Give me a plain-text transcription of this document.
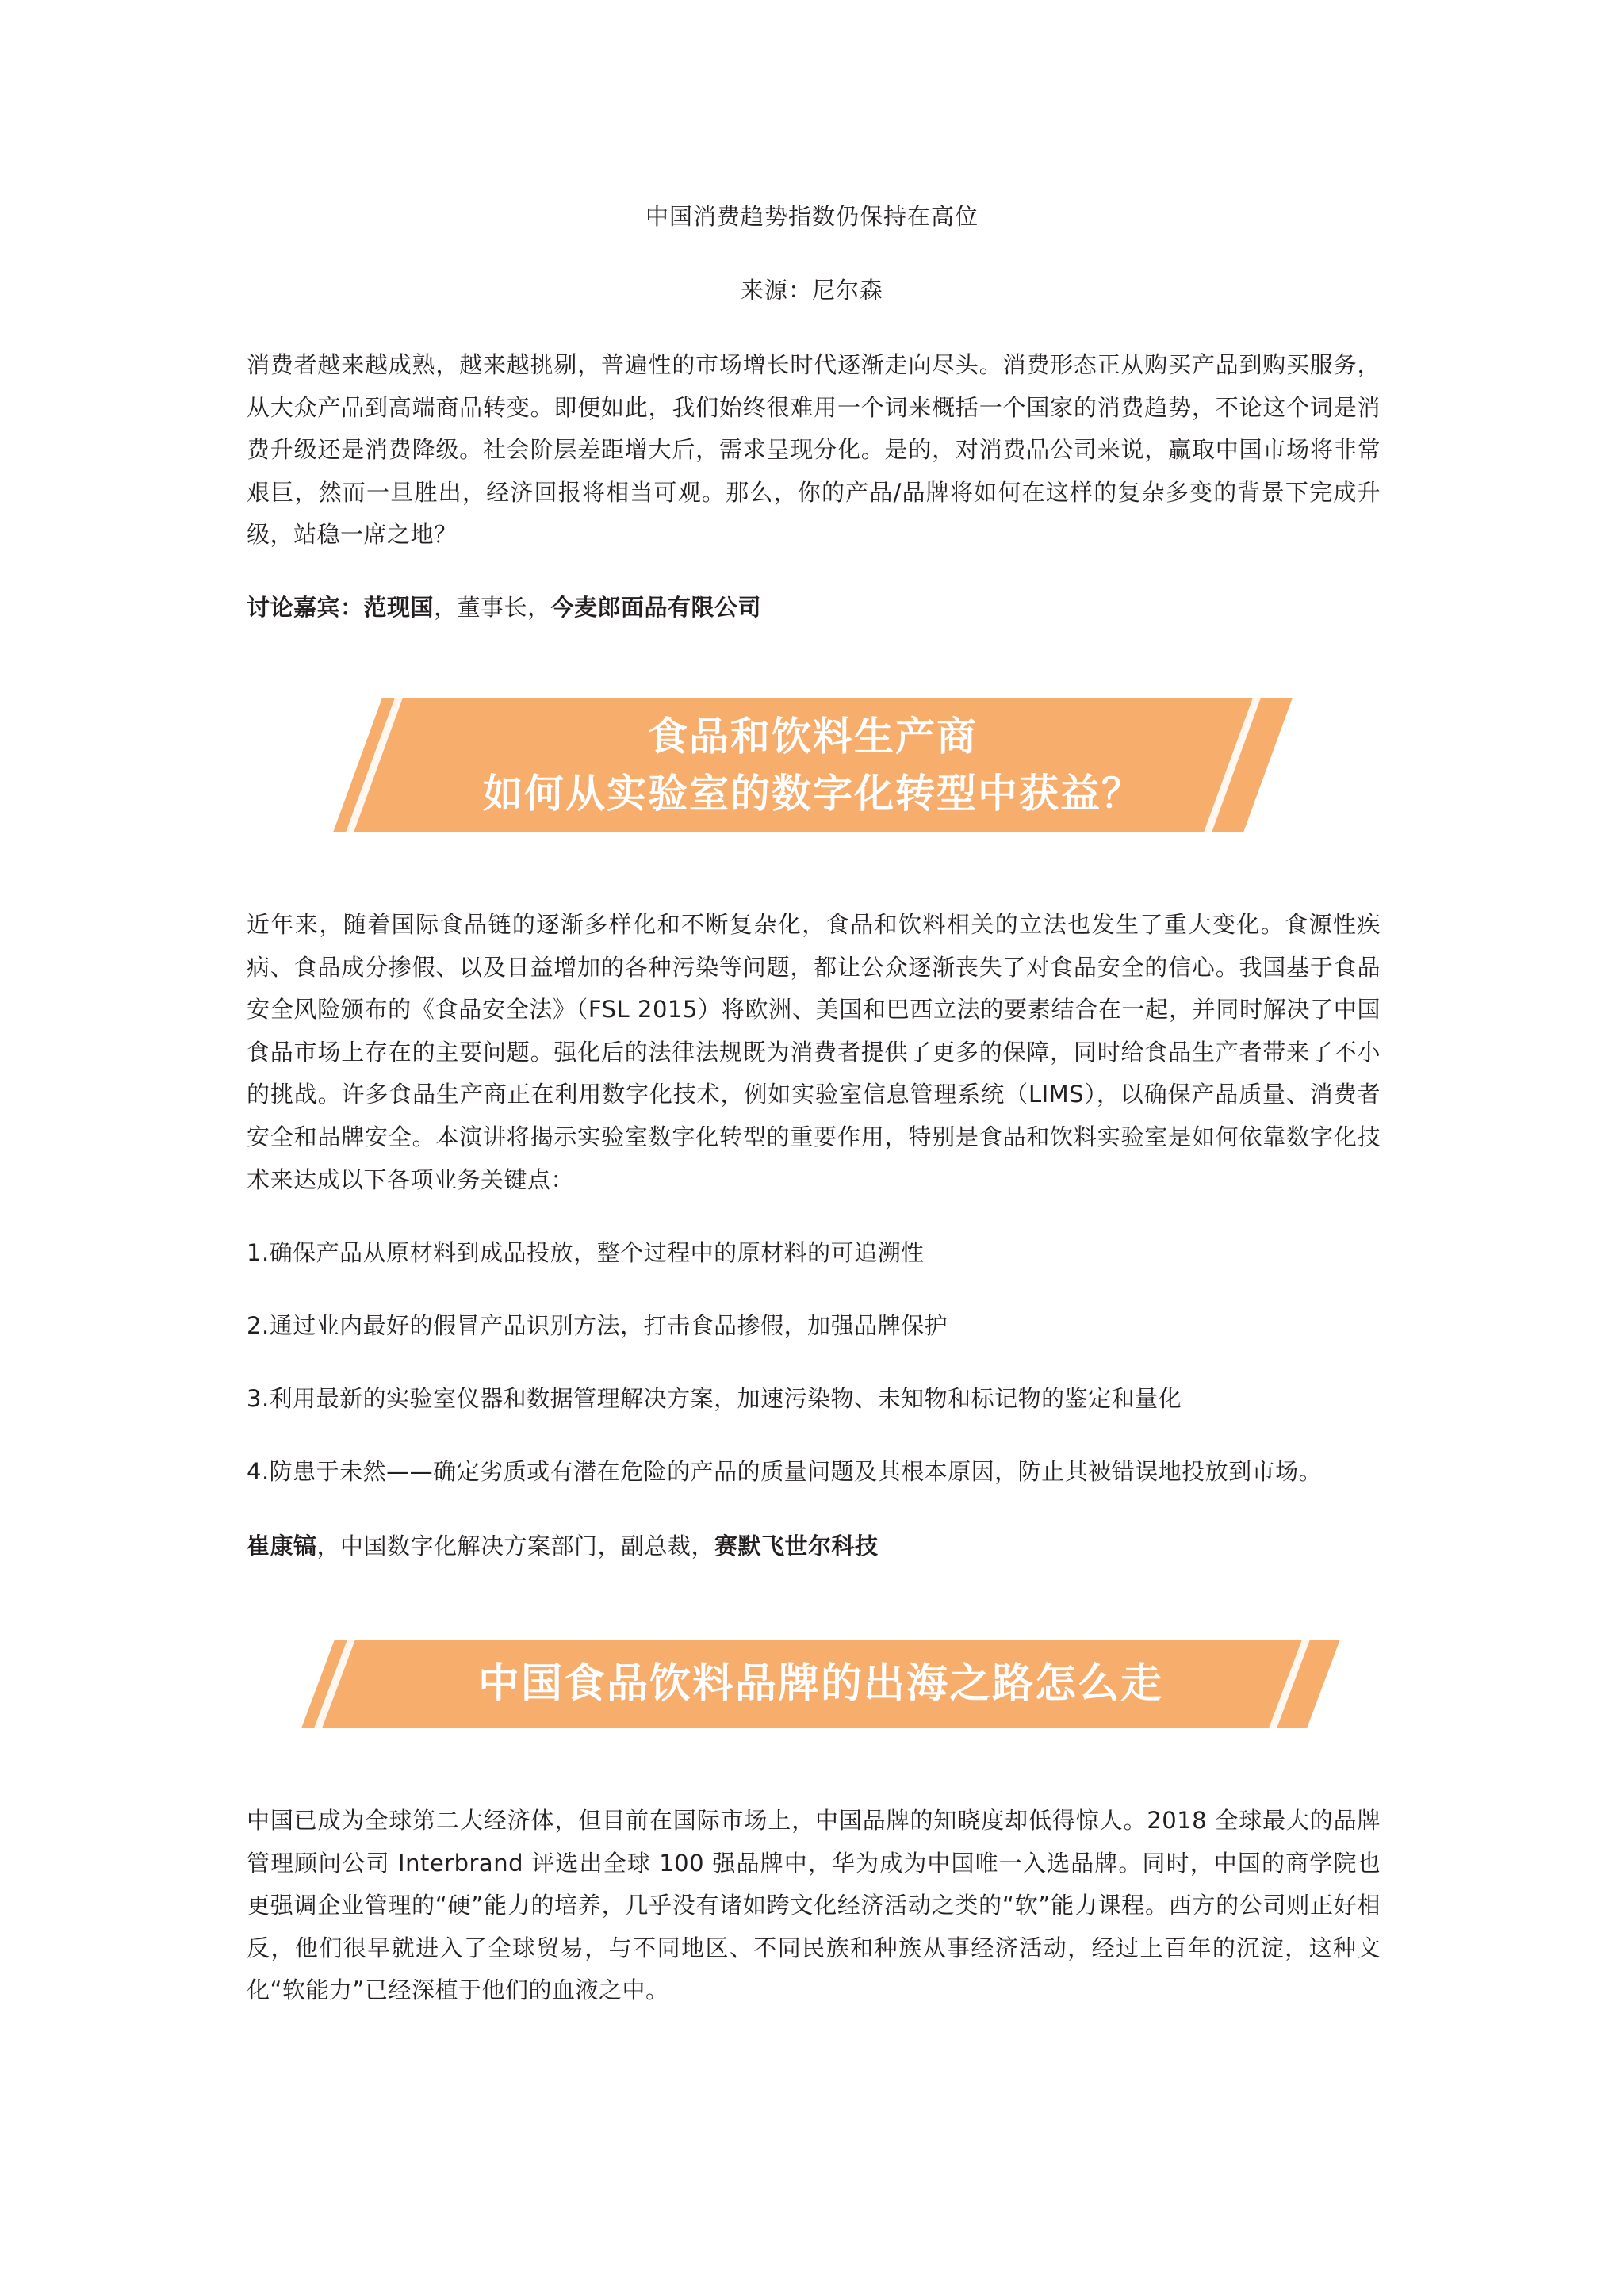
中国消费趋势指数仍保持在高位
来源：尼尔森
消费者越来越成熟，越来越挑剔，普遍性的市场增长时代逐渐走向尽头。消费形态正从购买产品到购买服务，从大众产品到高端商品转变。即便如此，我们始终很难用一个词来概括一个国家的消费趋势，不论这个词是消费升级还是消费降级。社会阶层差距增大后，需求呈现分化。是的，对消费品公司来说，赢取中国市场将非常艰巨，然而一旦胜出，经济回报将相当可观。那么，你的产品/品牌将如何在这样的复杂多变的背景下完成升级，站稳一席之地？
讨论嘉宾：范现国，董事长，今麦郎面品有限公司
食品和饮料生产商
如何从实验室的数字化转型中获益？
近年来，随着国际食品链的逐渐多样化和不断复杂化，食品和饮料相关的立法也发生了重大变化。食源性疾病、食品成分掺假、以及日益增加的各种污染等问题，都让公众逐渐丧失了对食品安全的信心。我国基于食品安全风险颁布的《食品安全法》（FSL 2015）将欧洲、美国和巴西立法的要素结合在一起，并同时解决了中国食品市场上存在的主要问题。强化后的法律法规既为消费者提供了更多的保障，同时给食品生产者带来了不小的挑战。许多食品生产商正在利用数字化技术，例如实验室信息管理系统（LIMS），以确保产品质量、消费者安全和品牌安全。本演讲将揭示实验室数字化转型的重要作用，特别是食品和饮料实验室是如何依靠数字化技术来达成以下各项业务关键点：
1.确保产品从原材料到成品投放，整个过程中的原材料的可追溯性
2.通过业内最好的假冒产品识别方法，打击食品掺假，加强品牌保护
3.利用最新的实验室仪器和数据管理解决方案，加速污染物、未知物和标记物的鉴定和量化
4.防患于未然——确定劣质或有潜在危险的产品的质量问题及其根本原因，防止其被错误地投放到市场。
崔康镐，中国数字化解决方案部门，副总裁，赛默飞世尔科技
中国食品饮料品牌的出海之路怎么走
中国已成为全球第二大经济体，但目前在国际市场上，中国品牌的知晓度却低得惊人。2018 全球最大的品牌管理顾问公司 Interbrand 评选出全球 100 强品牌中，华为成为中国唯一入选品牌。同时，中国的商学院也更强调企业管理的“硬”能力的培养，几乎没有诸如跨文化经济活动之类的“软”能力课程。西方的公司则正好相反，他们很早就进入了全球贸易，与不同地区、不同民族和种族从事经济活动，经过上百年的沉淀，这种文化“软能力”已经深植于他们的血液之中。
